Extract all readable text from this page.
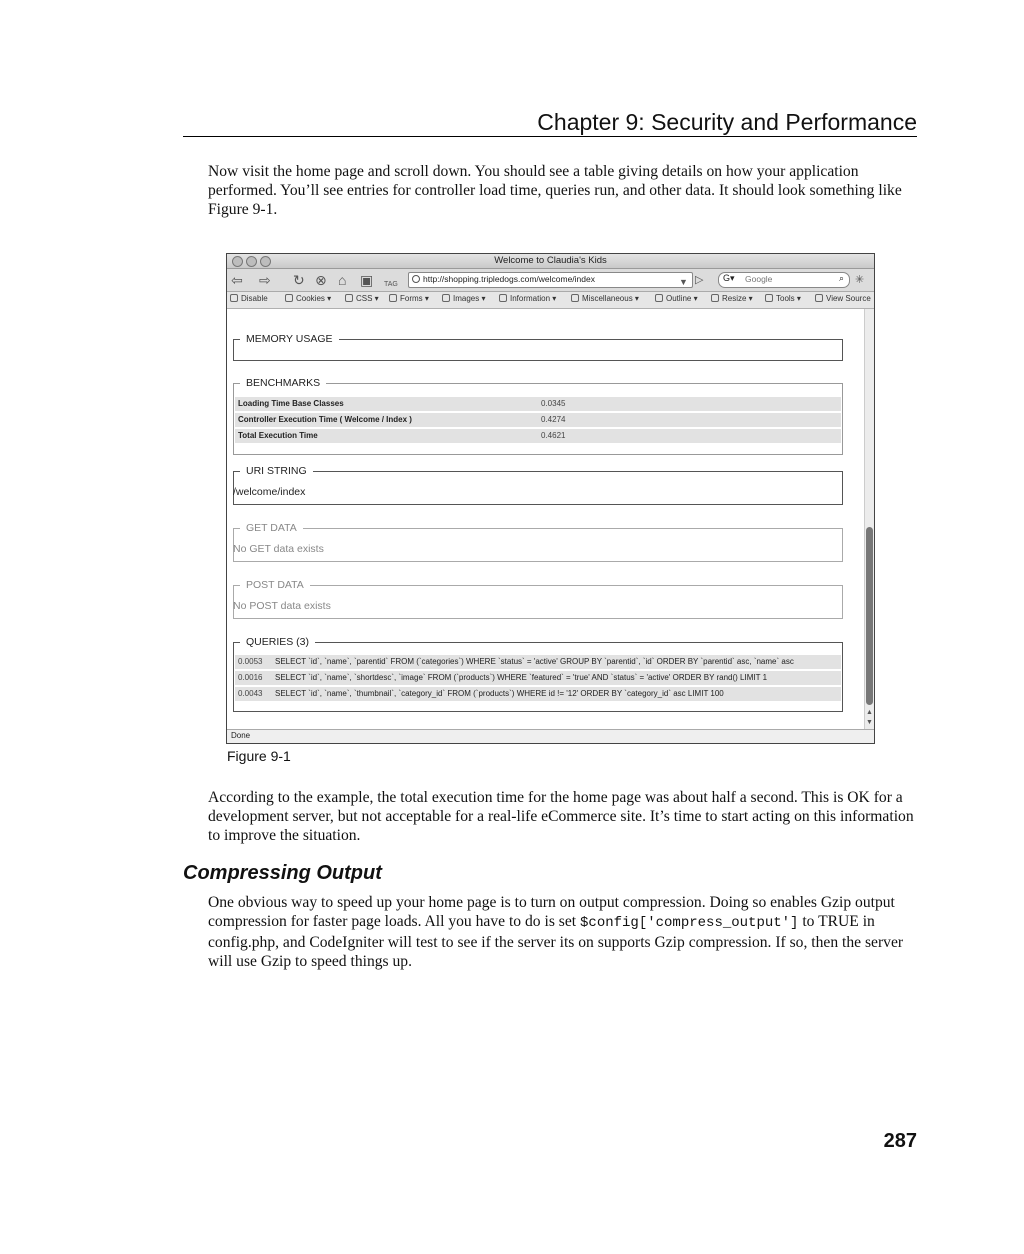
Chapter 9: Security and Performance

Now visit the home page and scroll down. You should see a table giving details on how your application performed. You’ll see entries for controller load time, queries run, and other data. It should look something like Figure 9-1.

Welcome to Claudia's Kids
⇦ ⇨ ↻ ⊗ ⌂ ▣ TAG
http://shopping.tripledogs.com/welcome/index	▼ ▷ G▾ Google	⌕ ✳
Disable	Cookies ▾	CSS ▾	Forms ▾	Images ▾	Information ▾	Miscellaneous ▾	Outline ▾	Resize ▾	Tools ▾	View Source
MEMORY USAGE
BENCHMARKS
Loading Time Base Classes	0.0345
Controller Execution Time ( Welcome / Index )	0.4274
Total Execution Time	0.4621
URI STRING
/welcome/index
GET DATA
No GET data exists
POST DATA
No POST data exists
QUERIES (3)
0.0053 SELECT `id`, `name`, `parentid` FROM (`categories`) WHERE `status` = 'active' GROUP BY `parentid`, `id` ORDER BY `parentid` asc, `name` asc
0.0016 SELECT `id`, `name`, `shortdesc`, `image` FROM (`products`) WHERE `featured` = 'true' AND `status` = 'active' ORDER BY rand() LIMIT 1
0.0043 SELECT `id`, `name`, `thumbnail`, `category_id` FROM (`products`) WHERE id != '12' ORDER BY `category_id` asc LIMIT 100
▲
▼
Done
Figure 9-1

According to the example, the total execution time for the home page was about half a second. This is OK for a development server, but not acceptable for a real-life eCommerce site. It’s time to start acting on this information to improve the situation.

Compressing Output

One obvious way to speed up your home page is to turn on output compression. Doing so enables Gzip output compression for faster page loads. All you have to do is set $config['compress_output'] to TRUE in config.php, and CodeIgniter will test to see if the server its on supports Gzip compression. If so, then the server will use Gzip to speed things up.

287
